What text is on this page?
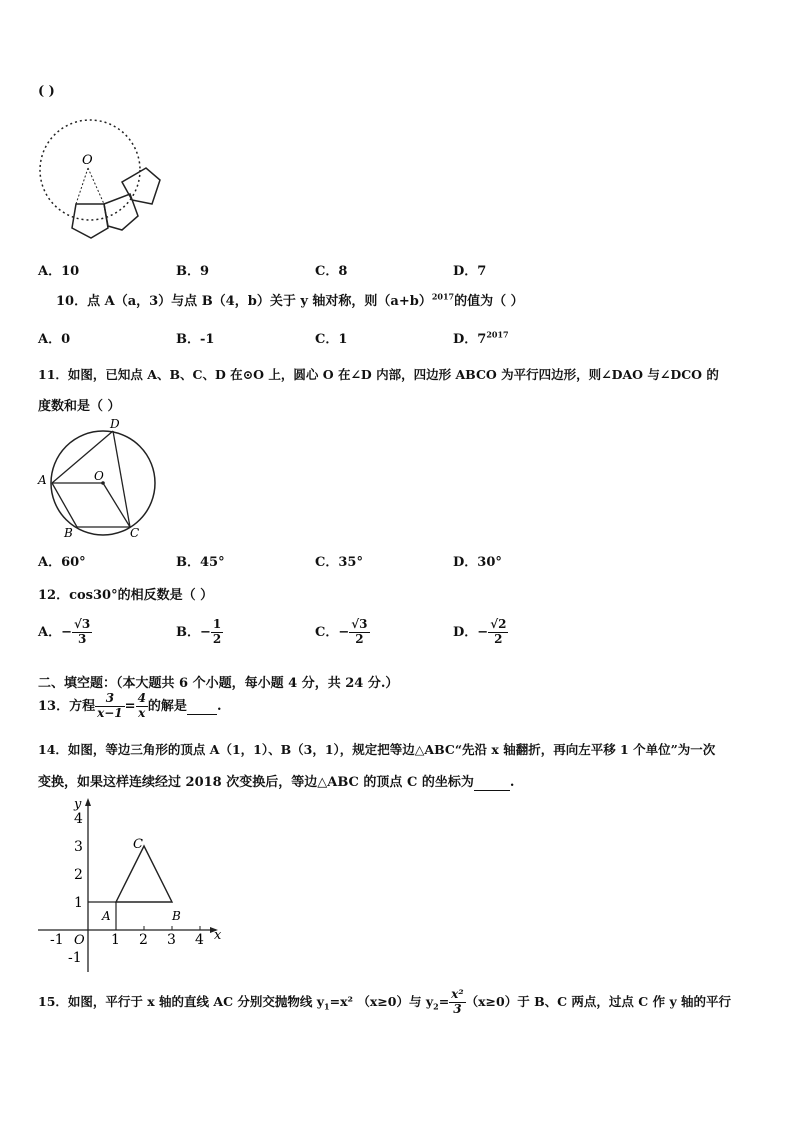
( )
O
A．10	B．9	C．8	D．7
10．点 A（a，3）与点 B（4，b）关于 y 轴对称，则$(a+b)^{2017}$的值为（ ）
A．0	B．-1	C．1	D．$7^{2017}$
11．如图，已知点 A、B、C、D 在⊙O 上，圆心 O 在∠D 内部，四边形 ABCO 为平行四边形，则∠DAO 与∠DCO 的
度数和是（ ）
A
B	C
D
O
A．60°	B．45°	C．35°	D．30°
12．cos30°的相反数是（ ）
A．− $\frac{√3}{3}$	B．− $\frac{1}{2}$	C．− $\frac{√3}{2}$	D．− $\frac{√2}{2}$
二、填空题：（本大题共 6 个小题，每小题 4 分，共 24 分.）
13．方程 $\frac{3}{x-1} = \frac{4}{x}$ 的解是 .
14．如图，等边三角形的顶点 A（1，1）、B（3，1），规定把等边△ABC“先沿 x 轴翻折，再向左平移 1 个单位”为一次
变换，如果这样连续经过 2018 次变换后，等边△ABC 的顶点 C 的坐标为	.
x
y
O
-1	1 2 3 4
4
3
2
1
-1
A	B
C
15．如图，平行于 x 轴的直线 AC 分别交抛物线 $y_1=x^2$ （x≥0）与 $y_2= \frac{\text{x²}}{3} (x\ge 0)$于 B、C 两点，过点 C 作 y 轴的平行
